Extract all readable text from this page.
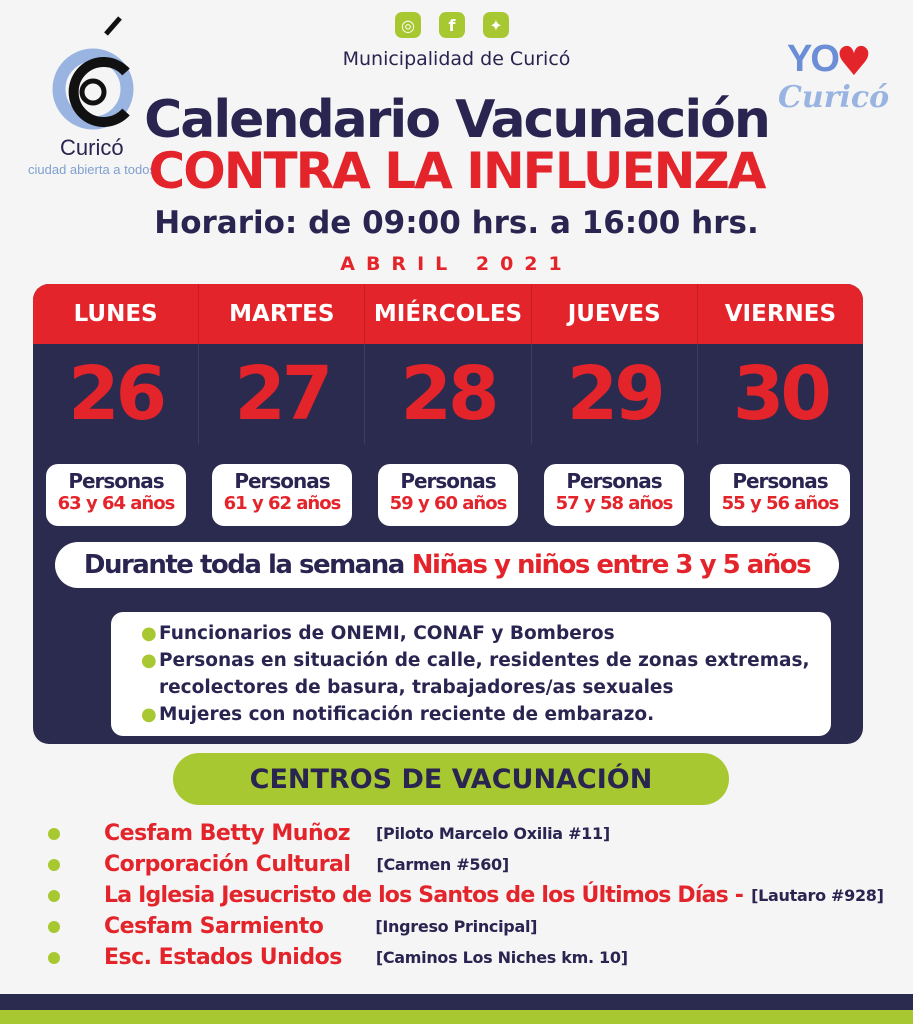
Curicó
ciudad abierta a todos
◎	f	✦
Municipalidad de Curicó	YO
♥
Curicó
Calendario Vacunación
CONTRA LA INFLUENZA
Horario: de 09:00 hrs. a 16:00 hrs.
ABRIL 2021
LUNES	MARTES	MIÉRCOLES	JUEVES	VIERNES
26 27 28 29 30
Personas
63 y 64 años
Personas
61 y 62 años
Personas
59 y 60 años
Personas
57 y 58 años
Personas
55 y 56 años
Durante toda la semana Niñas y niños entre 3 y 5 años
● Funcionarios de ONEMI, CONAF y Bomberos
● Personas en situación de calle, residentes de zonas extremas,
recolectores de basura, trabajadores/as sexuales
● Mujeres con notificación reciente de embarazo.
CENTROS DE VACUNACIÓN
Cesfam Betty Muñoz [Piloto Marcelo Oxilia #11]
Corporación Cultural [Carmen #560]
La Iglesia Jesucristo de los Santos de los Últimos Días - [Lautaro #928]
Cesfam Sarmiento	[Ingreso Principal]
Esc. Estados Unidos [Caminos Los Niches km. 10]
